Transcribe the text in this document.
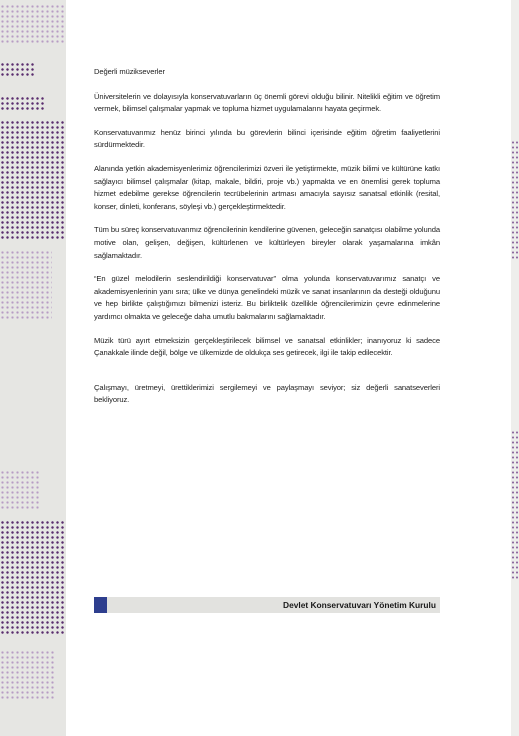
Değerli müzikseverler

Üniversitelerin ve dolayısıyla konservatuvarların üç önemli görevi olduğu bilinir. Nitelikli eğitim ve öğretim vermek, bilimsel çalışmalar yapmak ve topluma hizmet uygulamalarını hayata geçirmek.

Konservatuvarımız henüz birinci yılında bu görevlerin bilinci içerisinde eğitim öğretim faaliyetlerini sürdürmektedir.

Alanında yetkin akademisyenlerimiz öğrencilerimizi özveri ile yetiştirmekte, müzik bilimi ve kültürüne katkı sağlayıcı bilimsel çalışmalar (kitap, makale, bildiri, proje vb.) yapmakta ve en önemlisi gerek topluma hizmet edebilme gerekse öğrencilerin tecrübelerinin artması amacıyla sayısız sanatsal etkinlik (resital, konser, dinleti, konferans, söyleşi vb.) gerçekleştirmektedir.

Tüm bu süreç konservatuvarımız öğrencilerinin kendilerine güvenen, geleceğin sanatçısı olabilme yolunda motive olan, gelişen, değişen, kültürlenen ve kültürleyen bireyler olarak yaşamalarına imkân sağlamaktadır.

“En güzel melodilerin seslendirildiği konservatuvar” olma yolunda konservatuvarımız sanatçı ve akademisyenlerinin yanı sıra; ülke ve dünya genelindeki müzik ve sanat insanlarının da desteği olduğunu ve hep birlikte çalıştığımızı bilmenizi isteriz. Bu birliktelik özellikle öğrencilerimizin çevre edinmelerine yardımcı olmakta ve geleceğe daha umutlu bakmalarını sağlamaktadır.

Müzik türü ayırt etmeksizin gerçekleştirilecek bilimsel ve sanatsal etkinlikler; inanıyoruz ki sadece Çanakkale ilinde değil, bölge ve ülkemizde de oldukça ses getirecek, ilgi ile takip edilecektir.

Çalışmayı, üretmeyi, ürettiklerimizi sergilemeyi ve paylaşmayı seviyor; siz değerli sanatseverleri bekliyoruz.

Devlet Konservatuvarı Yönetim Kurulu
